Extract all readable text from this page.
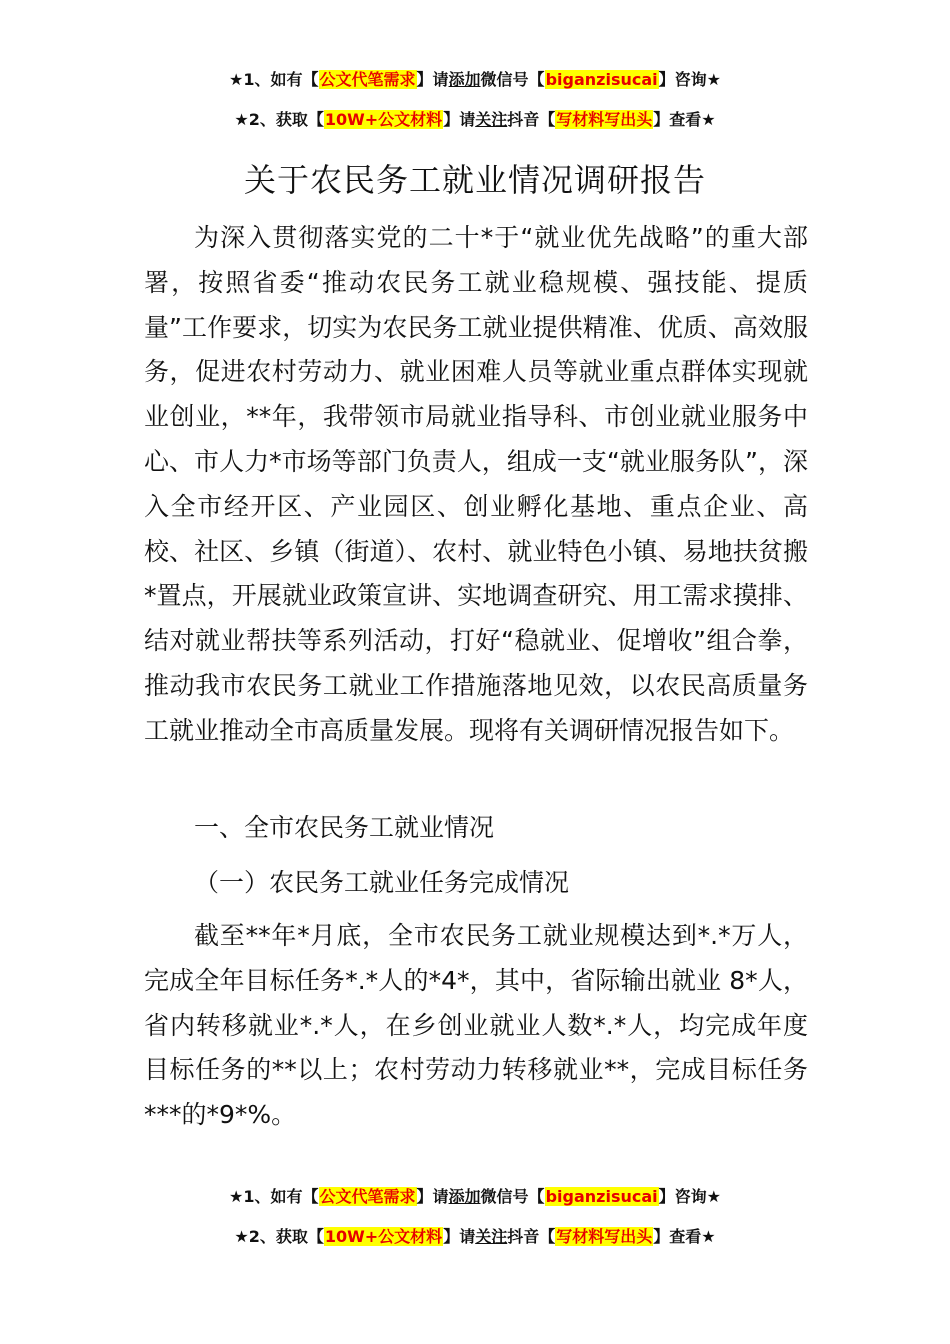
★1、如有【公文代笔需求】请添加微信号【biganzisucai】咨询★
★2、获取【10W+公文材料】请关注抖音【写材料写出头】查看★
关于农民务工就业情况调研报告

为深入贯彻落实党的二十*于“就业优先战略”的重大部署，按照省委“推动农民务工就业稳规模、强技能、提质量”工作要求，切实为农民务工就业提供精准、优质、高效服务，促进农村劳动力、就业困难人员等就业重点群体实现就业创业，**年，我带领市局就业指导科、市创业就业服务中心、市人力*市场等部门负责人，组成一支“就业服务队”，深入全市经开区、产业园区、创业孵化基地、重点企业、高校、社区、乡镇（街道）、农村、就业特色小镇、易地扶贫搬*置点，开展就业政策宣讲、实地调查研究、用工需求摸排、结对就业帮扶等系列活动，打好“稳就业、促增收”组合拳，推动我市农民务工就业工作措施落地见效，以农民高质量务工就业推动全市高质量发展。现将有关调研情况报告如下。

一、全市农民务工就业情况

（一）农民务工就业任务完成情况

截至**年*月底，全市农民务工就业规模达到*.*万人，完成全年目标任务*.*人的*4*，其中，省际输出就业 8*人，省内转移就业*.*人，在乡创业就业人数*.*人，均完成年度目标任务的**以上；农村劳动力转移就业**，完成目标任务***的*9*%。

★1、如有【公文代笔需求】请添加微信号【biganzisucai】咨询★
★2、获取【10W+公文材料】请关注抖音【写材料写出头】查看★
